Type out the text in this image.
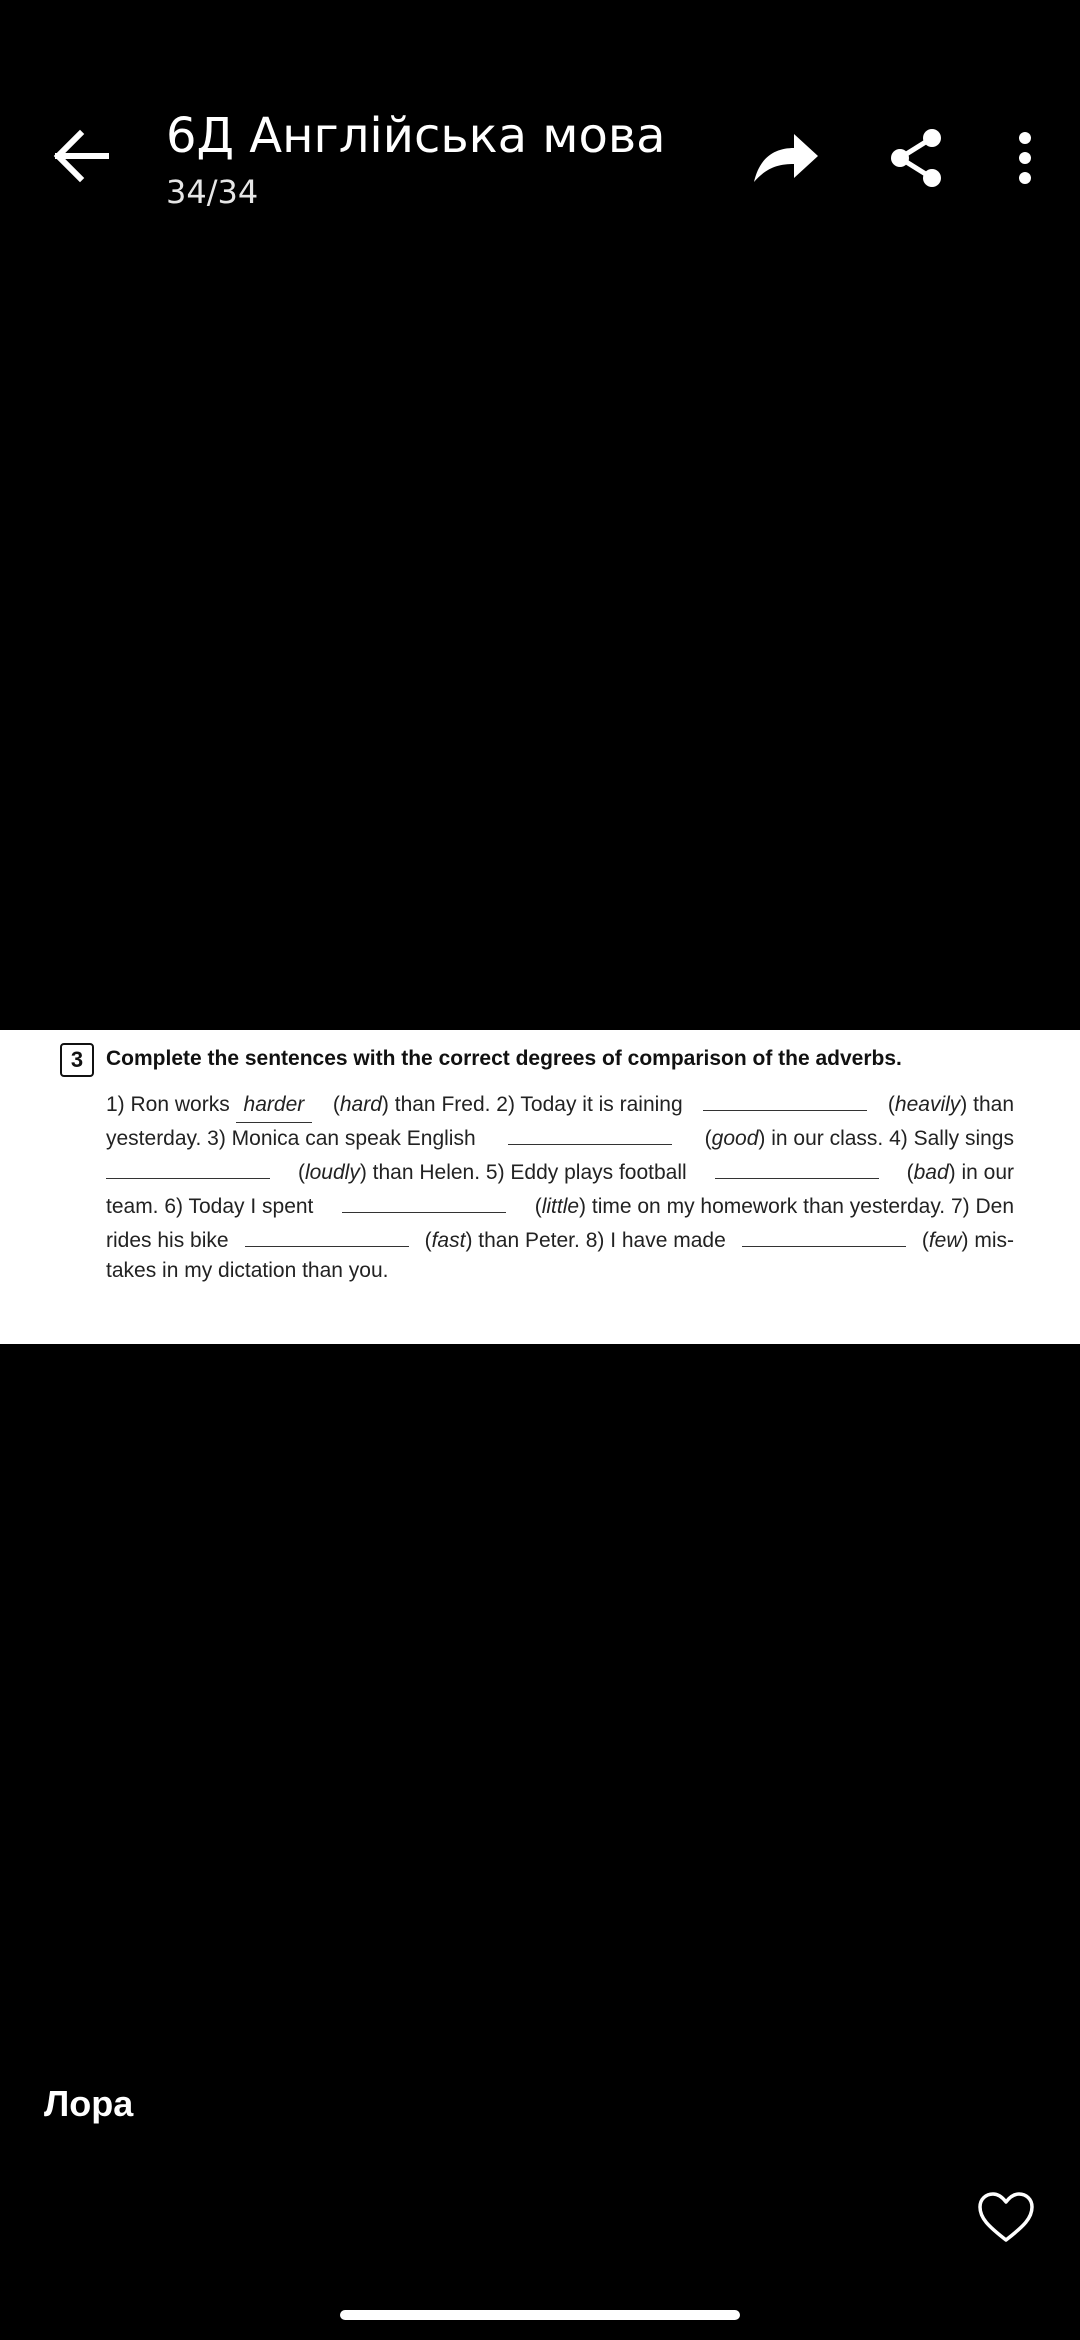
6Д Англійська мова
34/34
3	Complete the sentences with the correct degrees of comparison of the adverbs.
1) Ron works harder	(hard) than Fred. 2) Today it is raining	(heavily) than
yesterday. 3) Monica can speak English	(good) in our class. 4) Sally sings
(loudly) than Helen. 5) Eddy plays football	(bad) in our
team. 6) Today I spent	(little) time on my homework than yesterday. 7) Den
rides his bike	(fast) than Peter. 8) I have made	(few) mis-
takes in my dictation than you.
Лора
